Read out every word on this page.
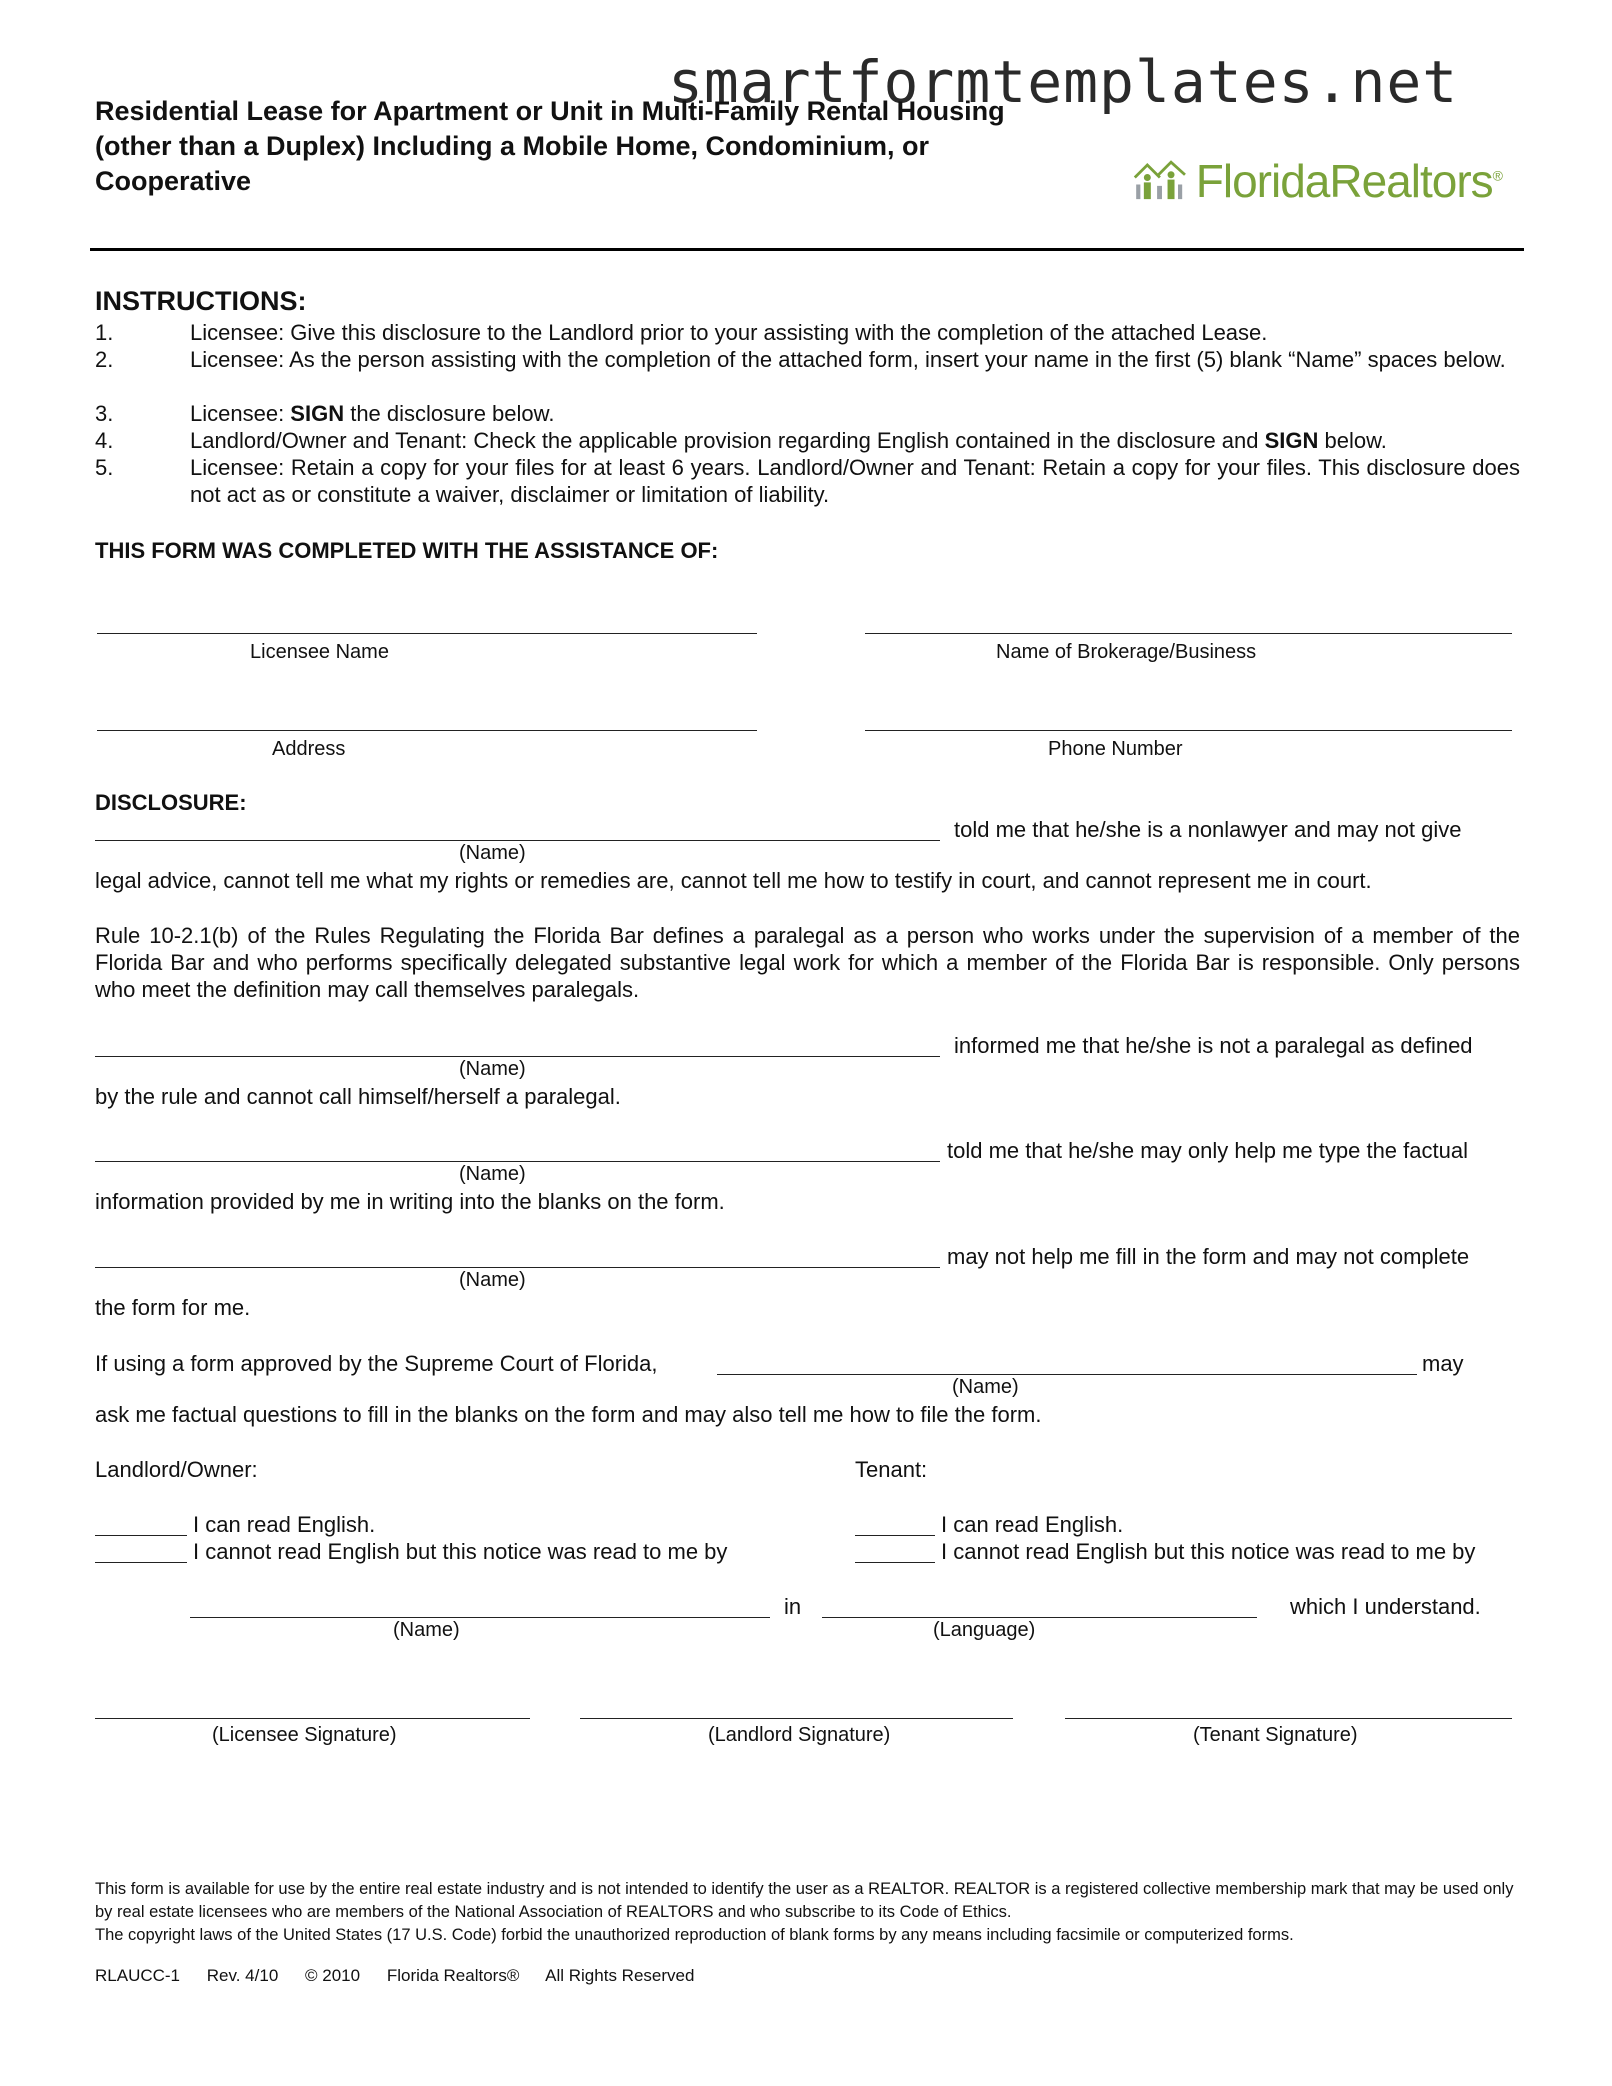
smartformtemplates.net
Residential Lease for Apartment or Unit in Multi-Family Rental Housing (other than a Duplex) Including a Mobile Home, Condominium, or Cooperative	FloridaRealtors®
INSTRUCTIONS:
1.	Licensee: Give this disclosure to the Landlord prior to your assisting with the completion of the attached Lease.
2.	Licensee: As the person assisting with the completion of the attached form, insert your name in the first (5) blank “Name” spaces below.
3.	Licensee: SIGN the disclosure below.
4.	Landlord/Owner and Tenant: Check the applicable provision regarding English contained in the disclosure and SIGN below.
5.	Licensee: Retain a copy for your files for at least 6 years. Landlord/Owner and Tenant: Retain a copy for your files. This disclosure does not act as or constitute a waiver, disclaimer or limitation of liability.
THIS FORM WAS COMPLETED WITH THE ASSISTANCE OF:
Licensee Name	Name of Brokerage/Business
Address	Phone Number
DISCLOSURE:
told me that he/she is a nonlawyer and may not give
(Name)
legal advice, cannot tell me what my rights or remedies are, cannot tell me how to testify in court, and cannot represent me in court.
Rule 10-2.1(b) of the Rules Regulating the Florida Bar defines a paralegal as a person who works under the supervision of a member of the Florida Bar and who performs specifically delegated substantive legal work for which a member of the Florida Bar is responsible. Only persons who meet the definition may call themselves paralegals.
informed me that he/she is not a paralegal as defined
(Name)
by the rule and cannot call himself/herself a paralegal.
told me that he/she may only help me type the factual
(Name)
information provided by me in writing into the blanks on the form.
may not help me fill in the form and may not complete
(Name)
the form for me.
If using a form approved by the Supreme Court of Florida,	may
(Name)
ask me factual questions to fill in the blanks on the form and may also tell me how to file the form.
Landlord/Owner:	Tenant:
I can read English.	I can read English.
I cannot read English but this notice was read to me by	I cannot read English but this notice was read to me by
in	which I understand.
(Name)	(Language)
(Licensee Signature)	(Landlord Signature)	(Tenant Signature)
This form is available for use by the entire real estate industry and is not intended to identify the user as a REALTOR. REALTOR is a registered collective membership mark that may be used only by real estate licensees who are members of the National Association of REALTORS and who subscribe to its Code of Ethics.
The copyright laws of the United States (17 U.S. Code) forbid the unauthorized reproduction of blank forms by any means including facsimile or computerized forms.
RLAUCC-1 Rev. 4/10 © 2010 Florida Realtors® All Rights Reserved
